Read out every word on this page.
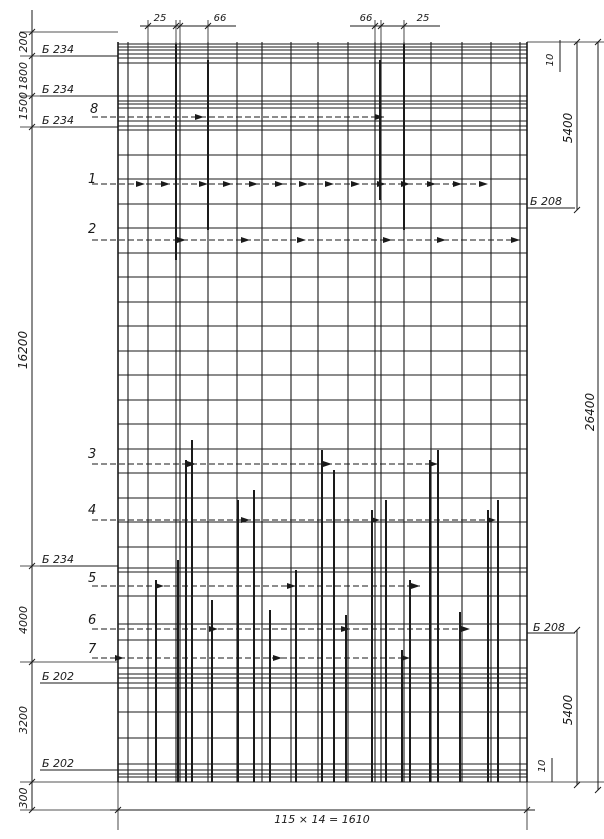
200
1800
1500
16200
4000
3200
300
10
5400
26400
5400
10
25	66	66	25
115 × 14 = 1610
Б 234
Б 234
Б 234
Б 234
Б 208
Б 208
Б 202
Б 202
8
1
2
3
4
5
6
7
